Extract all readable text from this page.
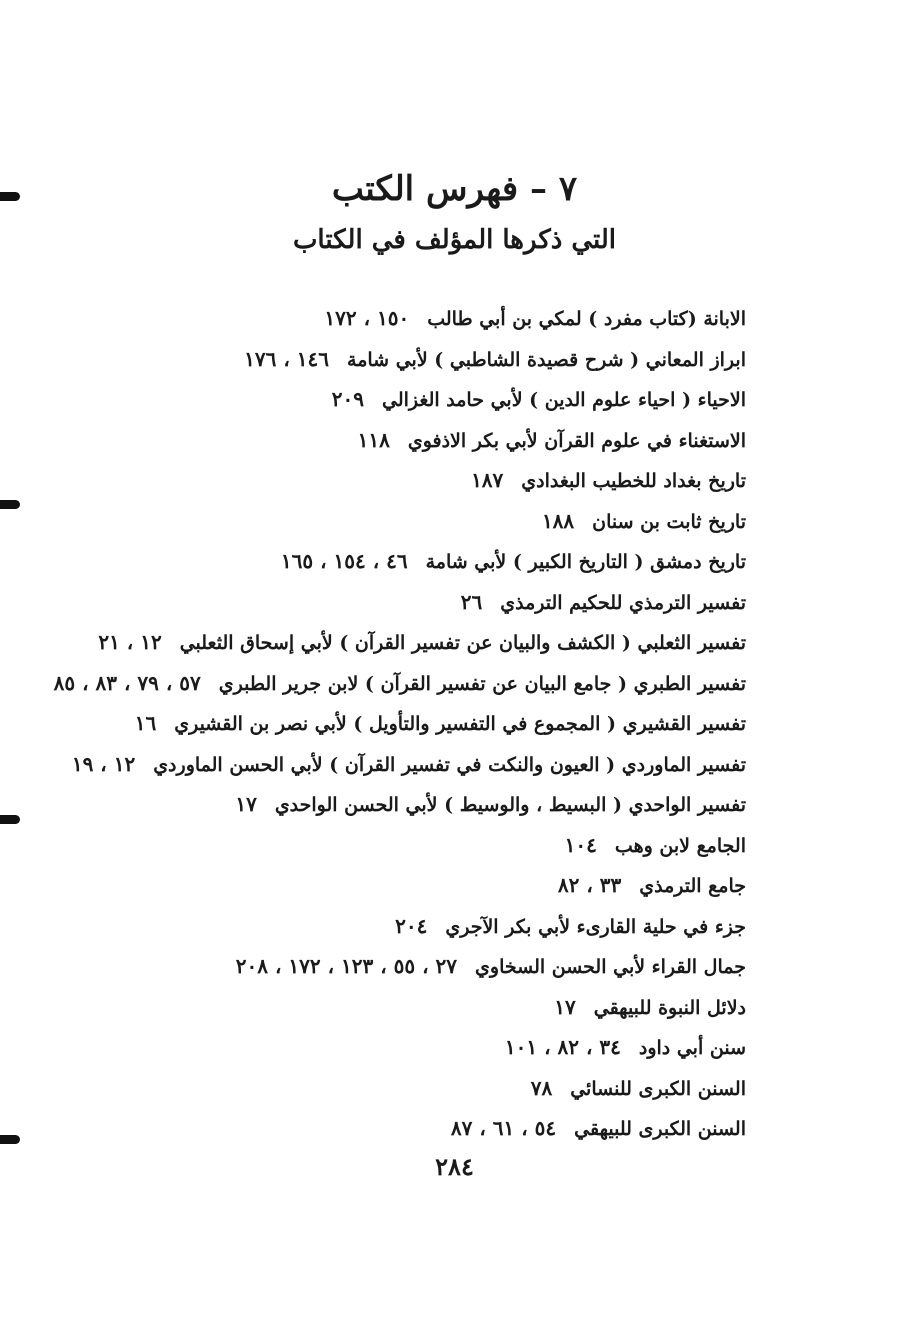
٧ – فهرس الكتب
التي ذكرها المؤلف في الكتاب
الابانة (كتاب مفرد ) لمكي بن أبي طالب١٥٠ ، ١٧٢
ابراز المعاني ( شرح قصيدة الشاطبي ) لأبي شامة١٤٦ ، ١٧٦
الاحياء ( احياء علوم الدين ) لأبي حامد الغزالي٢٠٩
الاستغناء في علوم القرآن لأبي بكر الاذفوي١١٨
تاريخ بغداد للخطيب البغدادي١٨٧
تاريخ ثابت بن سنان١٨٨
تاريخ دمشق ( التاريخ الكبير ) لأبي شامة٤٦ ، ١٥٤ ، ١٦٥
تفسير الترمذي للحكيم الترمذي٢٦
تفسير الثعلبي ( الكشف والبيان عن تفسير القرآن ) لأبي إسحاق الثعلبي١٢ ، ٢١
تفسير الطبري ( جامع البيان عن تفسير القرآن ) لابن جرير الطبري٥٧ ، ٧٩ ، ٨٣ ، ٨٥
تفسير القشيري ( المجموع في التفسير والتأويل ) لأبي نصر بن القشيري١٦
تفسير الماوردي ( العيون والنكت في تفسير القرآن ) لأبي الحسن الماوردي١٢ ، ١٩
تفسير الواحدي ( البسيط ، والوسيط ) لأبي الحسن الواحدي١٧
الجامع لابن وهب١٠٤
جامع الترمذي٣٣ ، ٨٢
جزء في حلية القارىء لأبي بكر الآجري٢٠٤
جمال القراء لأبي الحسن السخاوي٢٧ ، ٥٥ ، ١٢٣ ، ١٧٢ ، ٢٠٨
دلائل النبوة للبيهقي١٧
سنن أبي داود٣٤ ، ٨٢ ، ١٠١
السنن الكبرى للنسائي٧٨
السنن الكبرى للبيهقي٥٤ ، ٦١ ، ٨٧
٢٨٤
